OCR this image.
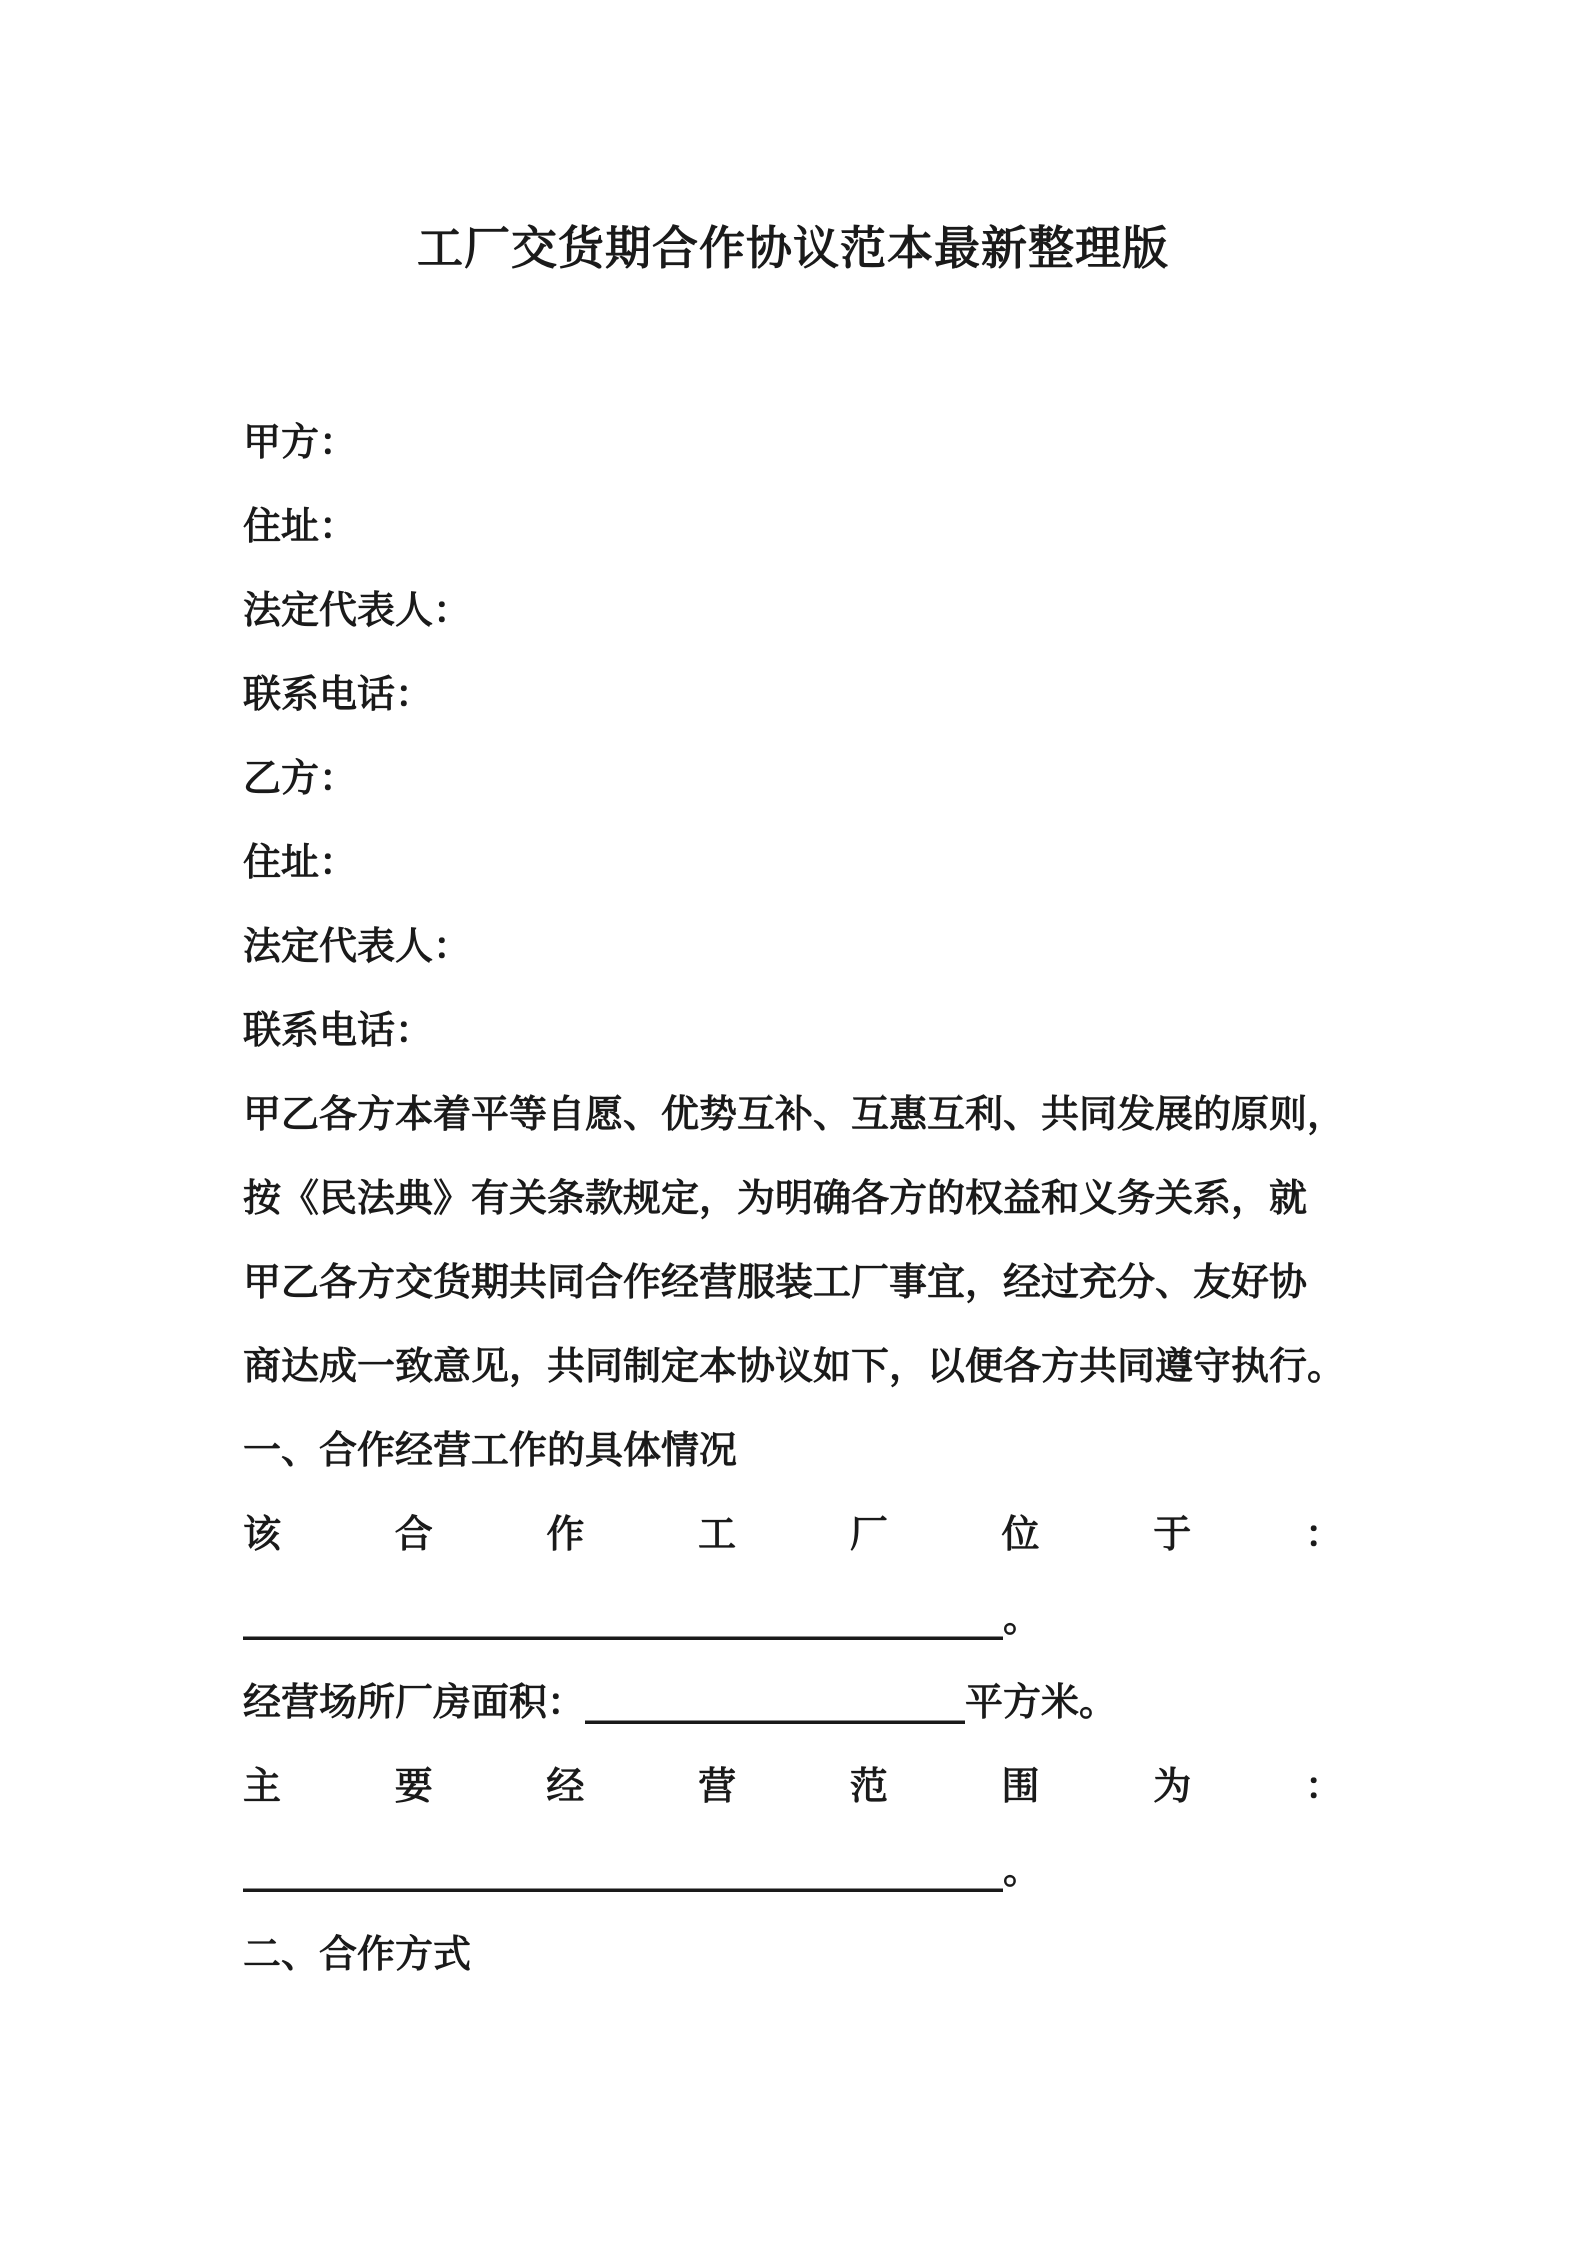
工厂交货期合作协议范本最新整理版
甲方：
住址：
法定代表人：
联系电话：
乙方：
住址：
法定代表人：
联系电话：
甲乙各方本着平等自愿、优势互补、互惠互利、共同发展的原则，
按《民法典》有关条款规定，为明确各方的权益和义务关系，就
甲乙各方交货期共同合作经营服装工厂事宜，经过充分、友好协
商达成一致意见，共同制定本协议如下，以便各方共同遵守执行。
一、合作经营工作的具体情况
该	合	作	工	厂	位	于	：
________________________________________。
经营场所厂房面积：____________________平方米。
主	要	经	营	范	围	为	：
________________________________________。
二、合作方式
